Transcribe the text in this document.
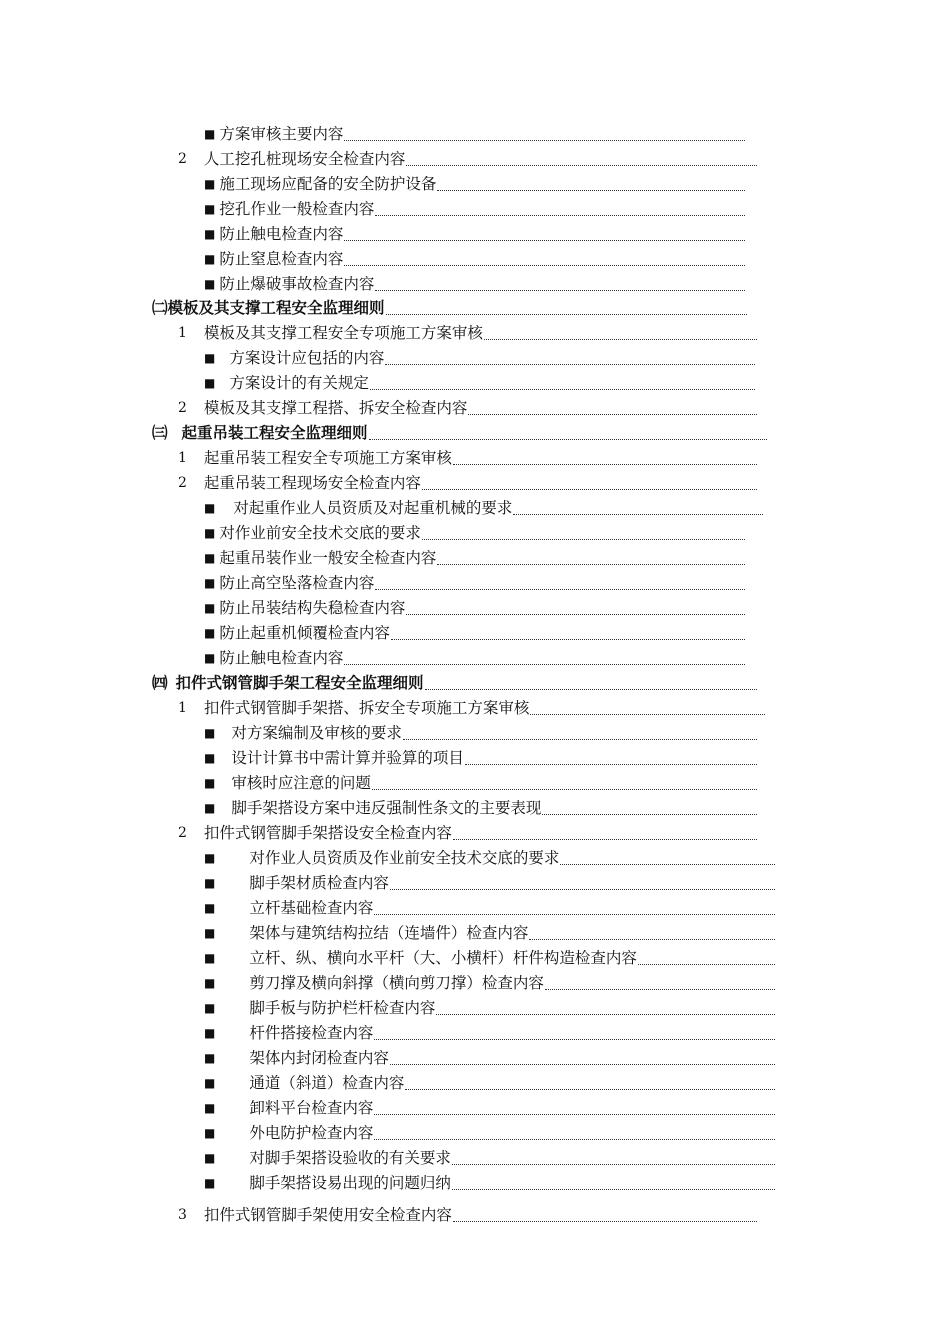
■ 方案审核主要内容
2 人工挖孔桩现场安全检查内容
■ 施工现场应配备的安全防护设备
■ 挖孔作业一般检查内容
■ 防止触电检查内容
■ 防止窒息检查内容
■ 防止爆破事故检查内容
㈡ 模板及其支撑工程安全监理细则
1 模板及其支撑工程安全专项施工方案审核
■ 方案设计应包括的内容
■ 方案设计的有关规定
2 模板及其支撑工程搭、拆安全检查内容
㈢ 起重吊装工程安全监理细则
1 起重吊装工程安全专项施工方案审核
2 起重吊装工程现场安全检查内容
■ 对起重作业人员资质及对起重机械的要求
■ 对作业前安全技术交底的要求
■ 起重吊装作业一般安全检查内容
■ 防止高空坠落检查内容
■ 防止吊装结构失稳检查内容
■ 防止起重机倾覆检查内容
■ 防止触电检查内容
㈣ 扣件式钢管脚手架工程安全监理细则
1 扣件式钢管脚手架搭、拆安全专项施工方案审核
■ 对方案编制及审核的要求
■ 设计计算书中需计算并验算的项目
■ 审核时应注意的问题
■ 脚手架搭设方案中违反强制性条文的主要表现
2 扣件式钢管脚手架搭设安全检查内容
■ 对作业人员资质及作业前安全技术交底的要求
■ 脚手架材质检查内容
■ 立杆基础检查内容
■ 架体与建筑结构拉结（连墙件）检查内容
■ 立杆、纵、横向水平杆（大、小横杆）杆件构造检查内容
■ 剪刀撑及横向斜撑（横向剪刀撑）检查内容
■ 脚手板与防护栏杆检查内容
■ 杆件搭接检查内容
■ 架体内封闭检查内容
■ 通道（斜道）检查内容
■ 卸料平台检查内容
■ 外电防护检查内容
■ 对脚手架搭设验收的有关要求
■ 脚手架搭设易出现的问题归纳
3 扣件式钢管脚手架使用安全检查内容
